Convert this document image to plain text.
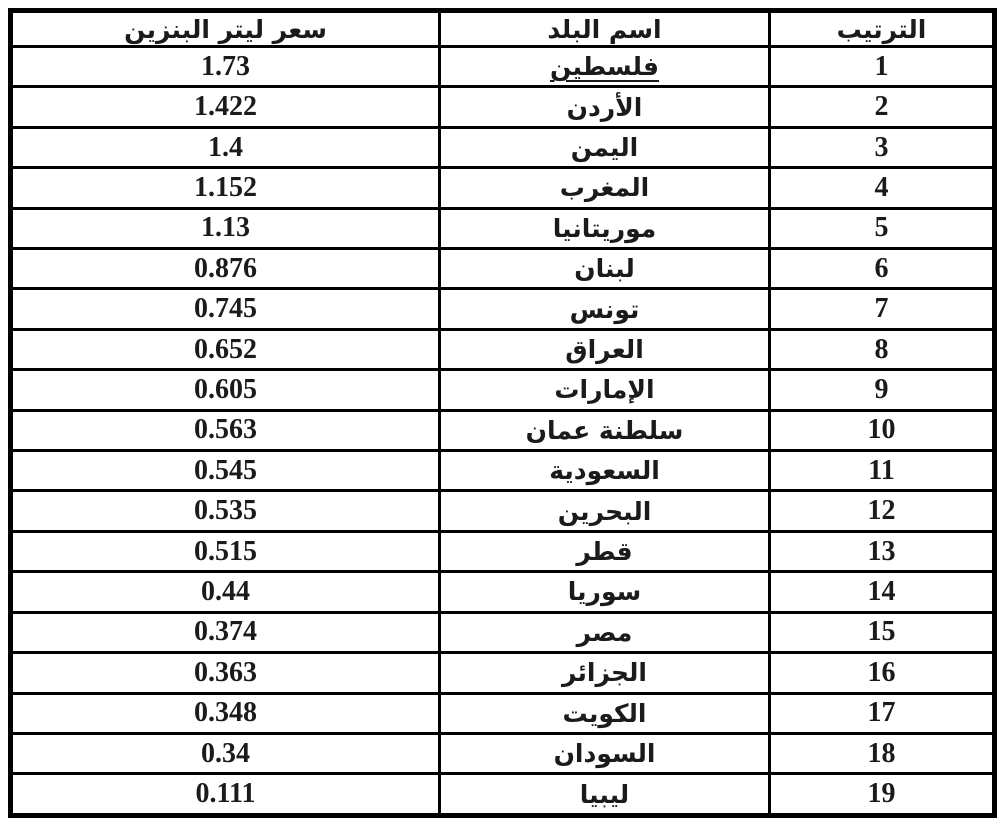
الترتيب	اسم البلد	سعر ليتر البنزين
1	فلسطين	1.73
2	الأردن	1.422
3	اليمن	1.4
4	المغرب	1.152
5	موريتانيا	1.13
6	لبنان	0.876
7	تونس	0.745
8	العراق	0.652
9	الإمارات	0.605
10	سلطنة عمان	0.563
11	السعودية	0.545
12	البحرين	0.535
13	قطر	0.515
14	سوريا	0.44
15	مصر	0.374
16	الجزائر	0.363
17	الكويت	0.348
18	السودان	0.34
19	ليبيا	0.111
